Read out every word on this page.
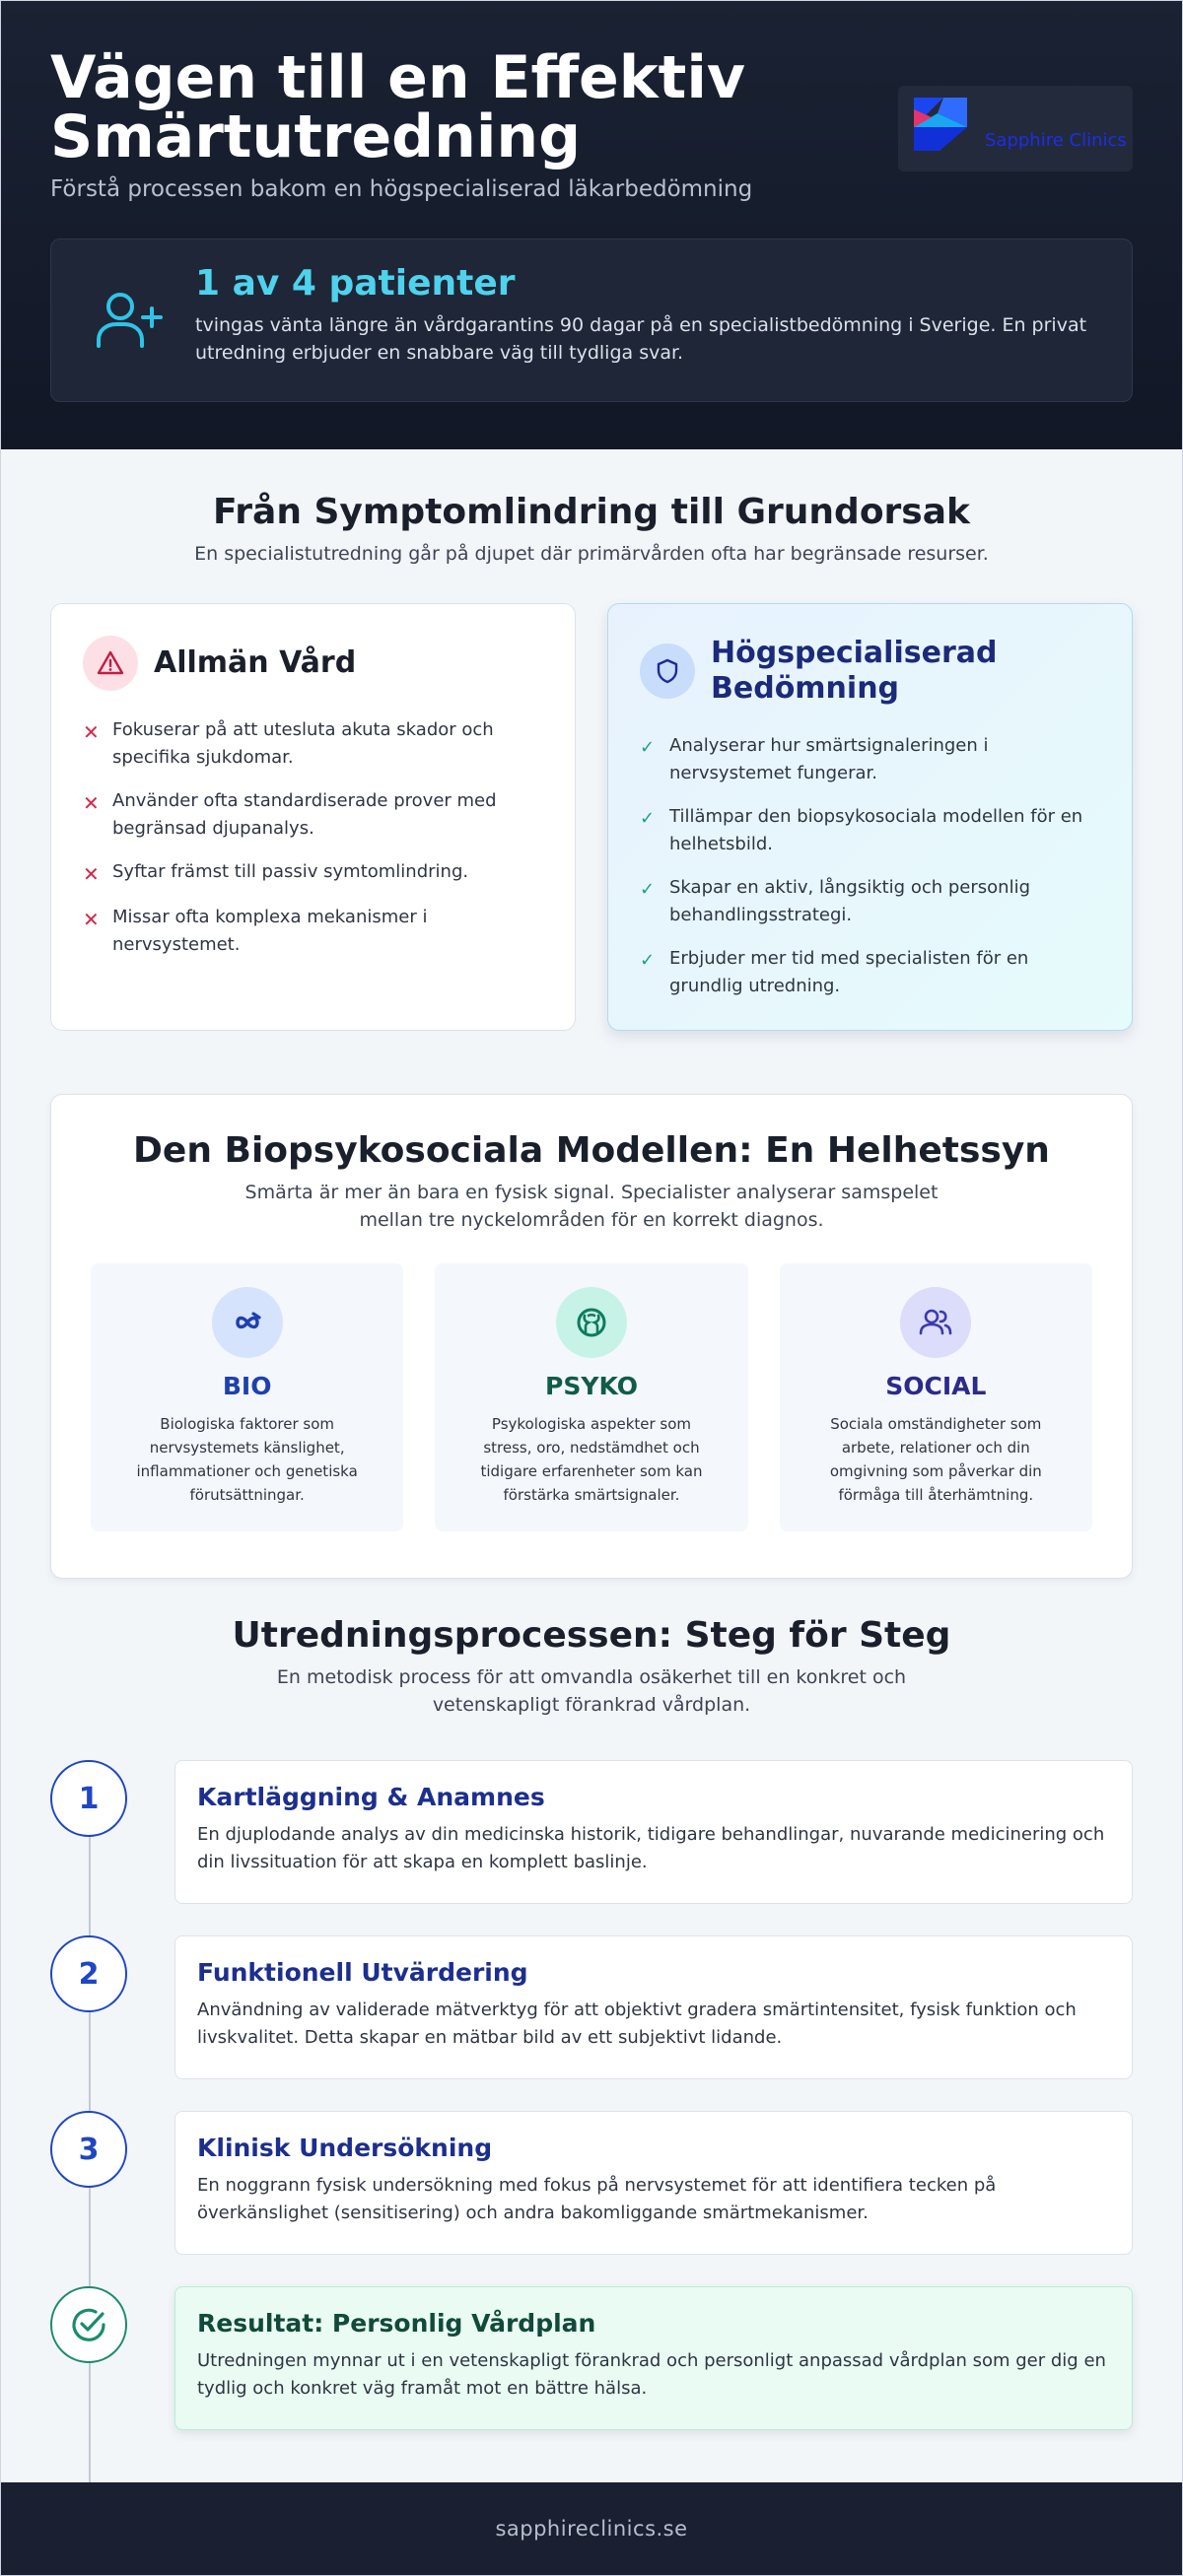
Vägen till en Effektiv Smärtutredning
Förstå processen bakom en högspecialiserad läkarbedömning
Sapphire Clinics
1 av 4 patienter
tvingas vänta längre än vårdgarantins 90 dagar på en specialistbedömning i Sverige. En privat utredning erbjuder en snabbare väg till tydliga svar.
Från Symptomlindring till Grundorsak
En specialistutredning går på djupet där primärvården ofta har begränsade resurser.
Allmän Vård
✕ Fokuserar på att utesluta akuta skador och specifika sjukdomar.
✕ Använder ofta standardiserade prover med begränsad djupanalys.
✕ Syftar främst till passiv symtomlindring.
✕ Missar ofta komplexa mekanismer i nervsystemet.
Högspecialiserad Bedömning
✓ Analyserar hur smärtsignaleringen i nervsystemet fungerar.
✓ Tillämpar den biopsykosociala modellen för en helhetsbild.
✓ Skapar en aktiv, långsiktig och personlig behandlingsstrategi.
✓ Erbjuder mer tid med specialisten för en grundlig utredning.
Den Biopsykosociala Modellen: En Helhetssyn
Smärta är mer än bara en fysisk signal. Specialister analyserar samspelet mellan tre nyckelområden för en korrekt diagnos.
BIO
Biologiska faktorer som nervsystemets känslighet, inflammationer och genetiska förutsättningar.
PSYKO
Psykologiska aspekter som stress, oro, nedstämdhet och tidigare erfarenheter som kan förstärka smärtsignaler.
SOCIAL
Sociala omständigheter som arbete, relationer och din omgivning som påverkar din förmåga till återhämtning.
Utredningsprocessen: Steg för Steg
En metodisk process för att omvandla osäkerhet till en konkret och vetenskapligt förankrad vårdplan.
1	Kartläggning & Anamnes
En djuplodande analys av din medicinska historik, tidigare behandlingar, nuvarande medicinering och din livssituation för att skapa en komplett baslinje.
2	Funktionell Utvärdering
Användning av validerade mätverktyg för att objektivt gradera smärtintensitet, fysisk funktion och livskvalitet. Detta skapar en mätbar bild av ett subjektivt lidande.
3	Klinisk Undersökning
En noggrann fysisk undersökning med fokus på nervsystemet för att identifiera tecken på överkänslighet (sensitisering) och andra bakomliggande smärtmekanismer.
Resultat: Personlig Vårdplan
Utredningen mynnar ut i en vetenskapligt förankrad och personligt anpassad vårdplan som ger dig en tydlig och konkret väg framåt mot en bättre hälsa.
sapphireclinics.se
